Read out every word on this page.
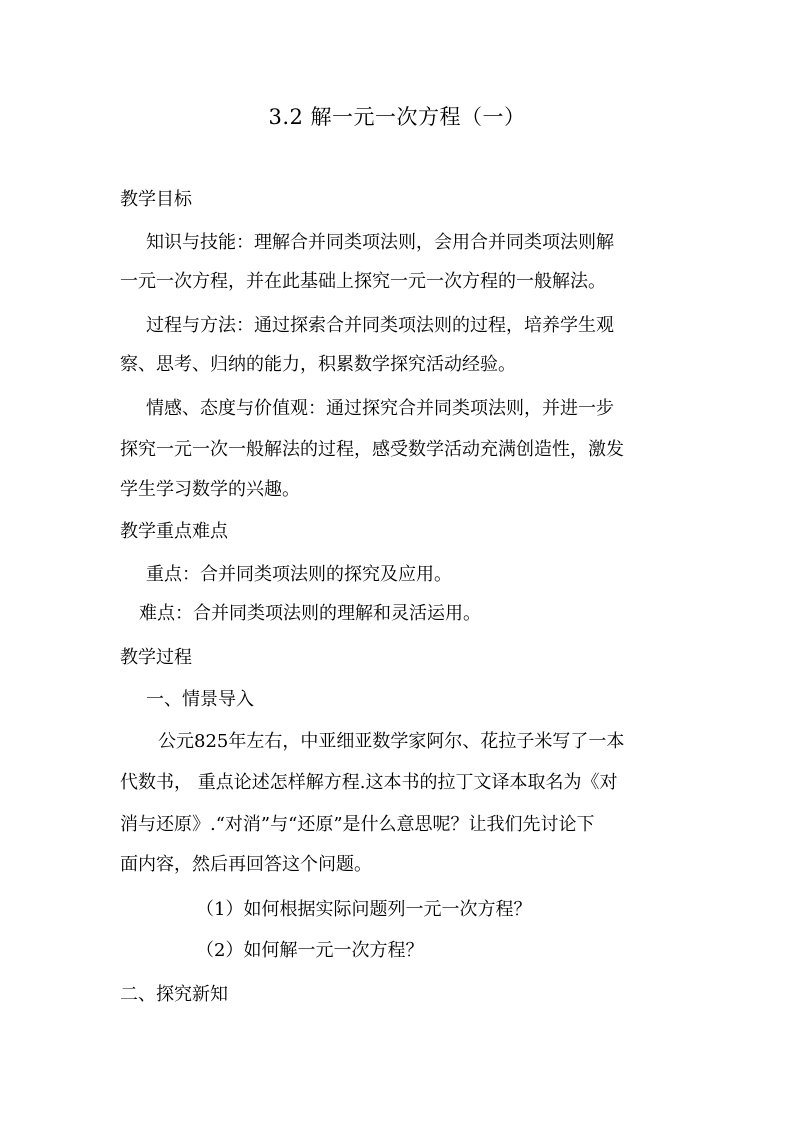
3.2 解一元一次方程（一）
教学目标
知识与技能：理解合并同类项法则，会用合并同类项法则解
一元一次方程，并在此基础上探究一元一次方程的一般解法。
过程与方法：通过探索合并同类项法则的过程，培养学生观
察、思考、归纳的能力，积累数学探究活动经验。
情感、态度与价值观：通过探究合并同类项法则，并进一步
探究一元一次一般解法的过程，感受数学活动充满创造性，激发
学生学习数学的兴趣。
教学重点难点
重点：合并同类项法则的探究及应用。
难点：合并同类项法则的理解和灵活运用。
教学过程
一、情景导入
公元825年左右，中亚细亚数学家阿尔、花拉子米写了一本
代数书， 重点论述怎样解方程.这本书的拉丁文译本取名为《对
消与还原》.“对消”与“还原”是什么意思呢？让我们先讨论下
面内容，然后再回答这个问题。
（1）如何根据实际问题列一元一次方程？
（2）如何解一元一次方程？
二、探究新知
